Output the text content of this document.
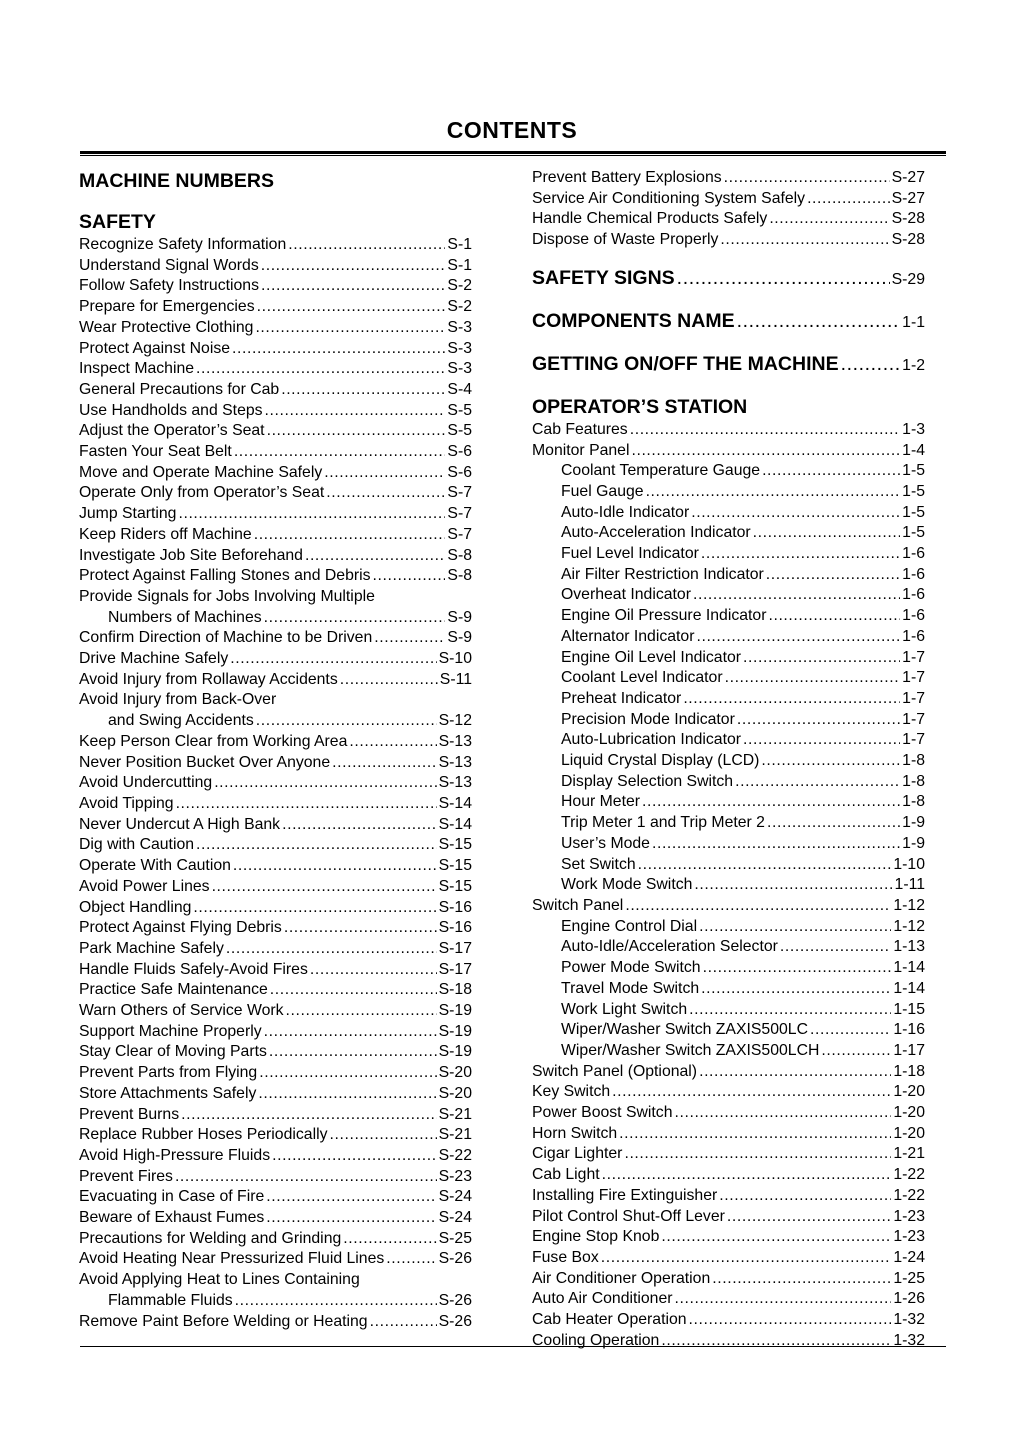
CONTENTS
MACHINE NUMBERS
SAFETY
Recognize Safety Information .....	S-1
Understand Signal Words .....	S-1
Follow Safety Instructions .....	S-2
Prepare for Emergencies .....	S-2
Wear Protective Clothing .....	S-3
Protect Against Noise .....	S-3
Inspect Machine .....	S-3
General Precautions for Cab .....	S-4
Use Handholds and Steps .....	S-5
Adjust the Operator’s Seat .....	S-5
Fasten Your Seat Belt .....	S-6
Move and Operate Machine Safely .....	S-6
Operate Only from Operator’s Seat .....	S-7
Jump Starting .....	S-7
Keep Riders off Machine .....	S-7
Investigate Job Site Beforehand .....	S-8
Protect Against Falling Stones and Debris .....	S-8
Provide Signals for Jobs Involving Multiple
Numbers of Machines .....	S-9
Confirm Direction of Machine to be Driven .....	S-9
Drive Machine Safely .....	S-10
Avoid Injury from Rollaway Accidents .....	S-11
Avoid Injury from Back-Over
and Swing Accidents .....	S-12
Keep Person Clear from Working Area .....	S-13
Never Position Bucket Over Anyone .....	S-13
Avoid Undercutting .....	S-13
Avoid Tipping .....	S-14
Never Undercut A High Bank .....	S-14
Dig with Caution .....	S-15
Operate With Caution .....	S-15
Avoid Power Lines .....	S-15
Object Handling .....	S-16
Protect Against Flying Debris .....	S-16
Park Machine Safely .....	S-17
Handle Fluids Safely-Avoid Fires .....	S-17
Practice Safe Maintenance .....	S-18
Warn Others of Service Work .....	S-19
Support Machine Properly .....	S-19
Stay Clear of Moving Parts .....	S-19
Prevent Parts from Flying .....	S-20
Store Attachments Safely .....	S-20
Prevent Burns .....	S-21
Replace Rubber Hoses Periodically .....	S-21
Avoid High-Pressure Fluids .....	S-22
Prevent Fires .....	S-23
Evacuating in Case of Fire .....	S-24
Beware of Exhaust Fumes .....	S-24
Precautions for Welding and Grinding .....	S-25
Avoid Heating Near Pressurized Fluid Lines .....	S-26
Avoid Applying Heat to Lines Containing
Flammable Fluids .....	S-26
Remove Paint Before Welding or Heating .....	S-26
Prevent Battery Explosions .....	S-27
Service Air Conditioning System Safely .....	S-27
Handle Chemical Products Safely .....	S-28
Dispose of Waste Properly .....	S-28
SAFETY SIGNS .....	S-29
COMPONENTS NAME .....	1-1
GETTING ON/OFF THE MACHINE .....	1-2
OPERATOR’S STATION
Cab Features .....	1-3
Monitor Panel .....	1-4
Coolant Temperature Gauge .....	1-5
Fuel Gauge .....	1-5
Auto-Idle Indicator .....	1-5
Auto-Acceleration Indicator .....	1-5
Fuel Level Indicator .....	1-6
Air Filter Restriction Indicator .....	1-6
Overheat Indicator .....	1-6
Engine Oil Pressure Indicator .....	1-6
Alternator Indicator .....	1-6
Engine Oil Level Indicator .....	1-7
Coolant Level Indicator .....	1-7
Preheat Indicator .....	1-7
Precision Mode Indicator .....	1-7
Auto-Lubrication Indicator .....	1-7
Liquid Crystal Display (LCD) .....	1-8
Display Selection Switch .....	1-8
Hour Meter .....	1-8
Trip Meter 1 and Trip Meter 2 .....	1-9
User’s Mode .....	1-9
Set Switch .....	1-10
Work Mode Switch .....	1-11
Switch Panel .....	1-12
Engine Control Dial .....	1-12
Auto-Idle/Acceleration Selector .....	1-13
Power Mode Switch .....	1-14
Travel Mode Switch .....	1-14
Work Light Switch .....	1-15
Wiper/Washer Switch ZAXIS500LC .....	1-16
Wiper/Washer Switch ZAXIS500LCH .....	1-17
Switch Panel (Optional) .....	1-18
Key Switch .....	1-20
Power Boost Switch .....	1-20
Horn Switch .....	1-20
Cigar Lighter .....	1-21
Cab Light .....	1-22
Installing Fire Extinguisher .....	1-22
Pilot Control Shut-Off Lever .....	1-23
Engine Stop Knob .....	1-23
Fuse Box .....	1-24
Air Conditioner Operation .....	1-25
Auto Air Conditioner .....	1-26
Cab Heater Operation .....	1-32
Cooling Operation .....	1-32
